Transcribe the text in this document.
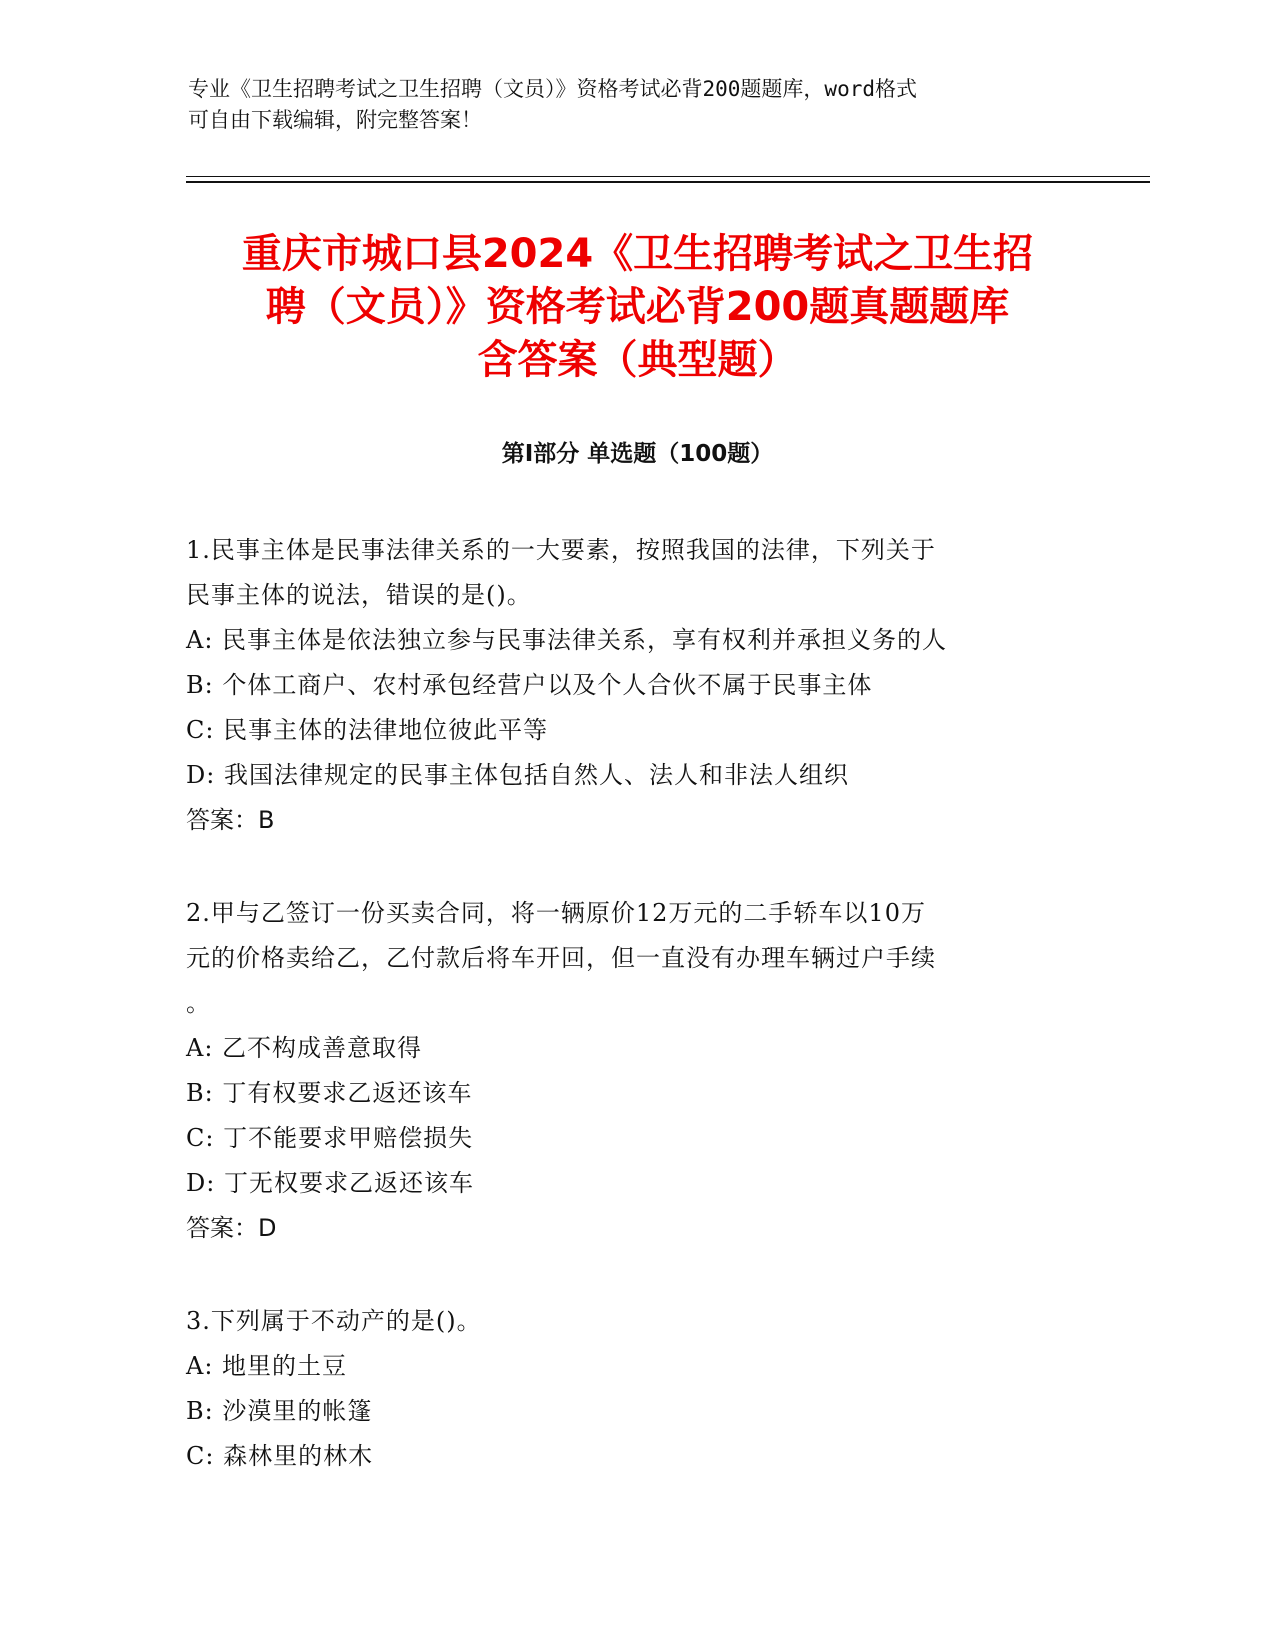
专业《卫生招聘考试之卫生招聘（文员）》资格考试必背200题题库，word格式
可自由下载编辑，附完整答案！
重庆市城口县2024《卫生招聘考试之卫生招
聘（文员）》资格考试必背200题真题题库
含答案（典型题）
第Ⅰ部分 单选题（100题）
1.民事主体是民事法律关系的一大要素，按照我国的法律，下列关于
民事主体的说法，错误的是()。
A: 民事主体是依法独立参与民事法律关系，享有权利并承担义务的人
B: 个体工商户、农村承包经营户以及个人合伙不属于民事主体
C: 民事主体的法律地位彼此平等
D: 我国法律规定的民事主体包括自然人、法人和非法人组织
答案：B
2.甲与乙签订一份买卖合同，将一辆原价12万元的二手轿车以10万
元的价格卖给乙，乙付款后将车开回，但一直没有办理车辆过户手续
。
A: 乙不构成善意取得
B: 丁有权要求乙返还该车
C: 丁不能要求甲赔偿损失
D: 丁无权要求乙返还该车
答案：D
3.下列属于不动产的是()。
A: 地里的土豆
B: 沙漠里的帐篷
C: 森林里的林木
